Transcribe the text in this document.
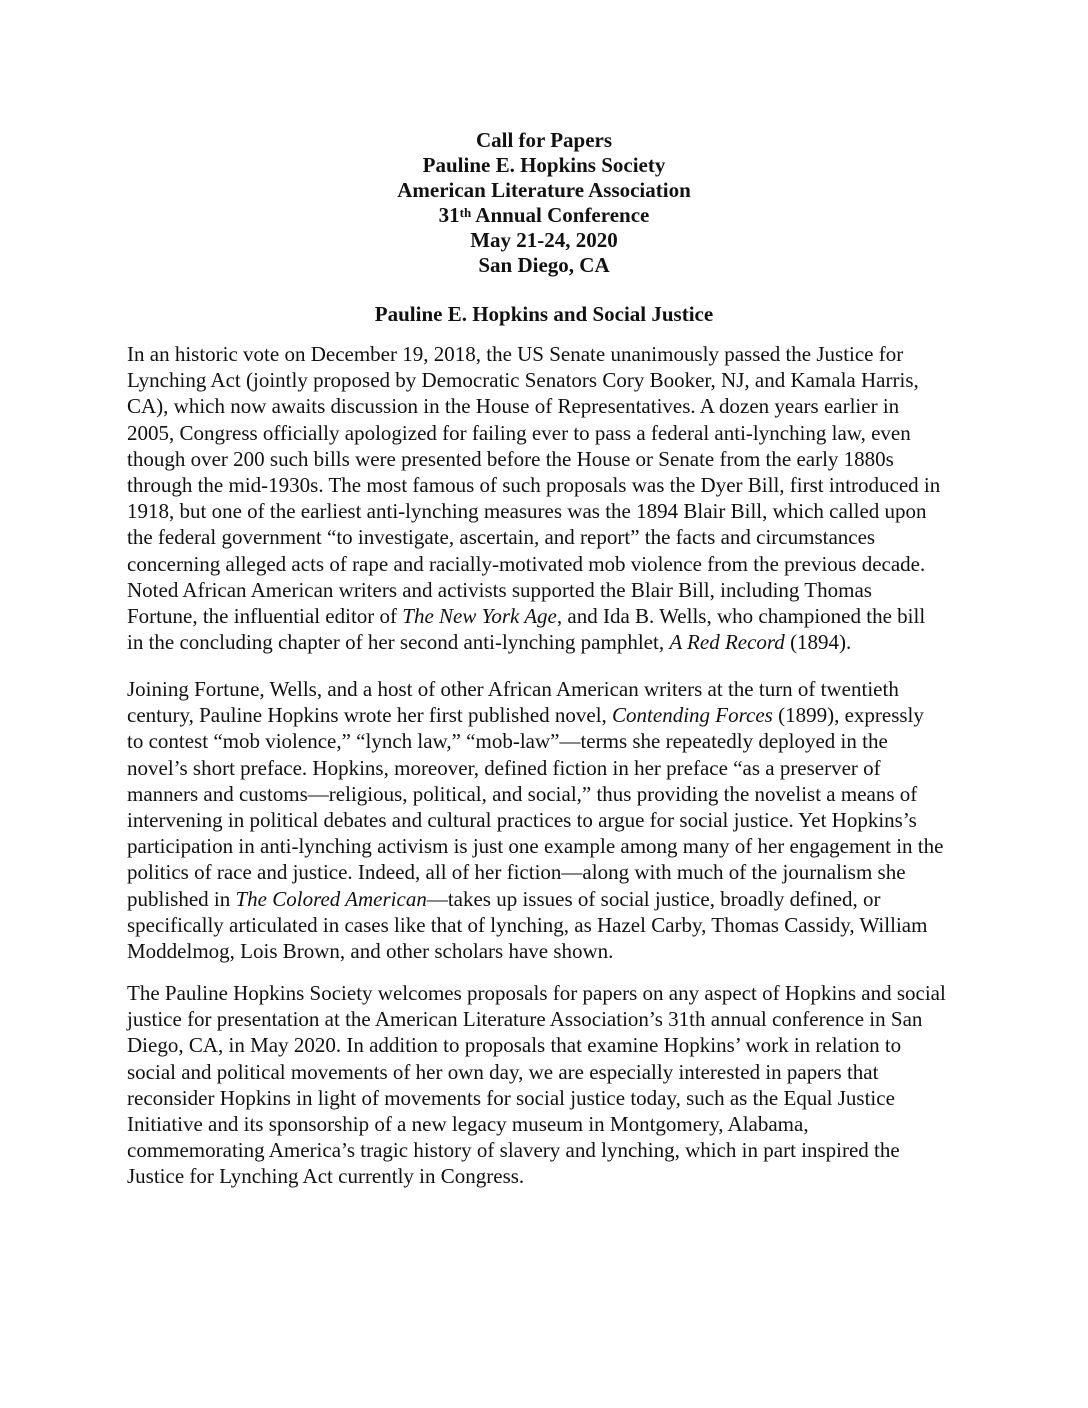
Call for Papers
Pauline E. Hopkins Society
American Literature Association
31th Annual Conference
May 21-24, 2020
San Diego, CA
Pauline E. Hopkins and Social Justice
In an historic vote on December 19, 2018, the US Senate unanimously passed the Justice for
Lynching Act (jointly proposed by Democratic Senators Cory Booker, NJ, and Kamala Harris,
CA), which now awaits discussion in the House of Representatives. A dozen years earlier in
2005, Congress officially apologized for failing ever to pass a federal anti-lynching law, even
though over 200 such bills were presented before the House or Senate from the early 1880s
through the mid-1930s. The most famous of such proposals was the Dyer Bill, first introduced in
1918, but one of the earliest anti-lynching measures was the 1894 Blair Bill, which called upon
the federal government “to investigate, ascertain, and report” the facts and circumstances
concerning alleged acts of rape and racially-motivated mob violence from the previous decade.
Noted African American writers and activists supported the Blair Bill, including Thomas
Fortune, the influential editor of The New York Age, and Ida B. Wells, who championed the bill
in the concluding chapter of her second anti-lynching pamphlet, A Red Record (1894).
Joining Fortune, Wells, and a host of other African American writers at the turn of twentieth
century, Pauline Hopkins wrote her first published novel, Contending Forces (1899), expressly
to contest “mob violence,” “lynch law,” “mob-law”—terms she repeatedly deployed in the
novel’s short preface. Hopkins, moreover, defined fiction in her preface “as a preserver of
manners and customs—religious, political, and social,” thus providing the novelist a means of
intervening in political debates and cultural practices to argue for social justice. Yet Hopkins’s
participation in anti-lynching activism is just one example among many of her engagement in the
politics of race and justice. Indeed, all of her fiction—along with much of the journalism she
published in The Colored American—takes up issues of social justice, broadly defined, or
specifically articulated in cases like that of lynching, as Hazel Carby, Thomas Cassidy, William
Moddelmog, Lois Brown, and other scholars have shown.
The Pauline Hopkins Society welcomes proposals for papers on any aspect of Hopkins and social
justice for presentation at the American Literature Association’s 31th annual conference in San
Diego, CA, in May 2020. In addition to proposals that examine Hopkins’ work in relation to
social and political movements of her own day, we are especially interested in papers that
reconsider Hopkins in light of movements for social justice today, such as the Equal Justice
Initiative and its sponsorship of a new legacy museum in Montgomery, Alabama,
commemorating America’s tragic history of slavery and lynching, which in part inspired the
Justice for Lynching Act currently in Congress.
